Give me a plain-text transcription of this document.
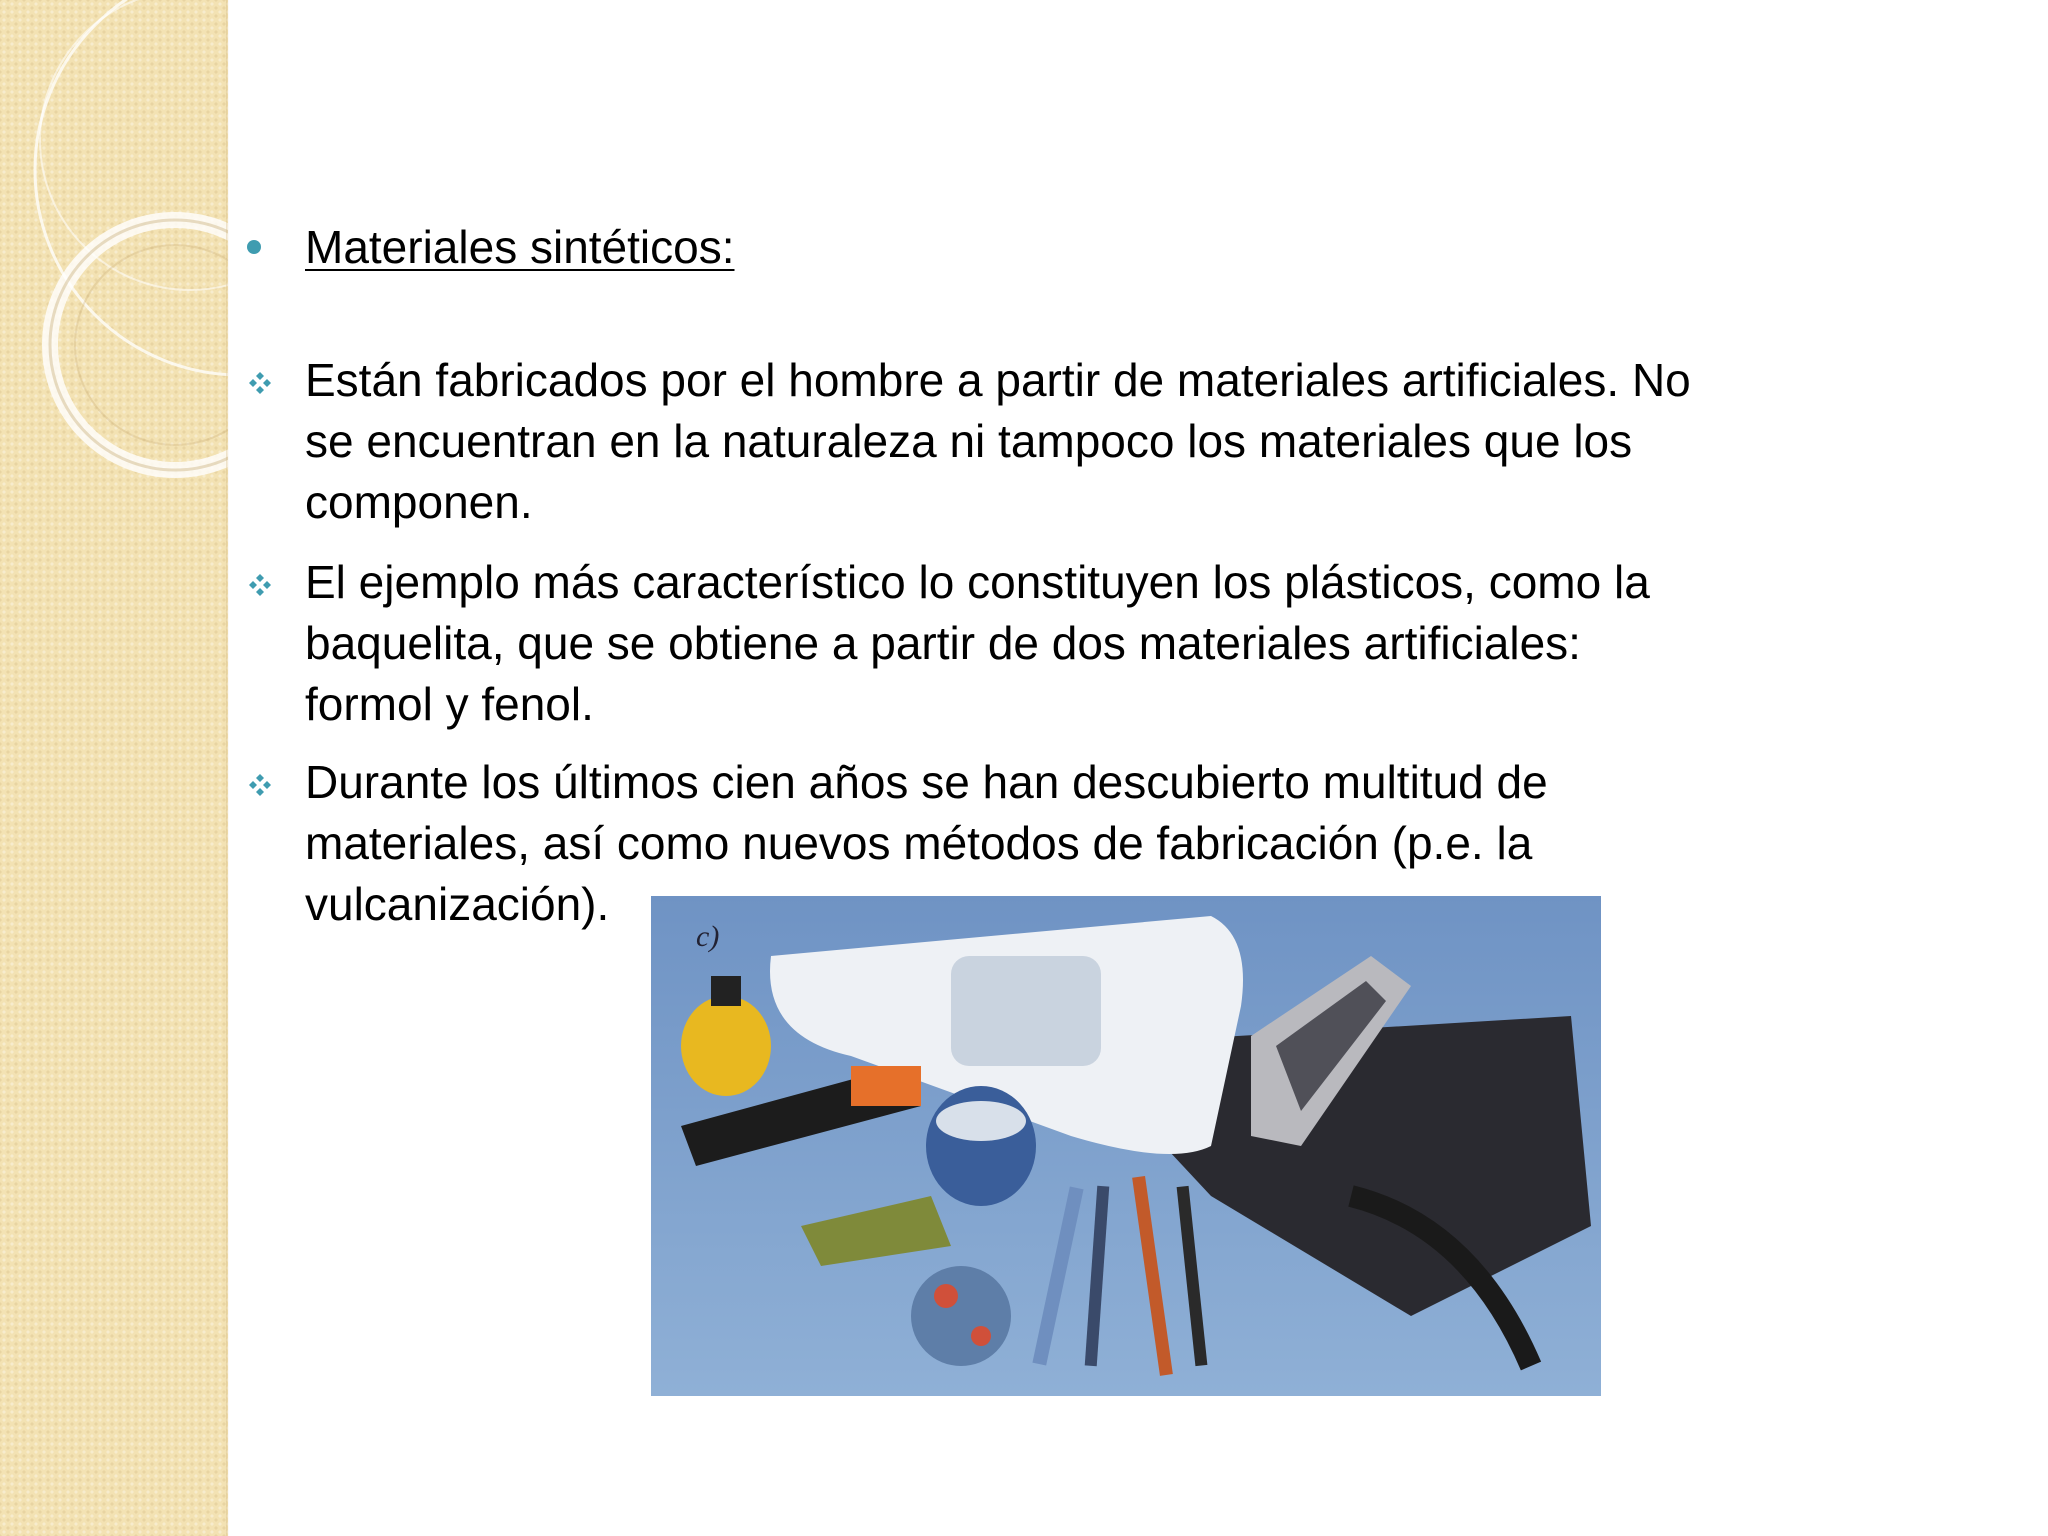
Materiales sintéticos:
Están fabricados por el hombre a partir de materiales artificiales. No
se encuentran en la naturaleza ni tampoco los materiales que los
componen.
El ejemplo más característico lo constituyen los plásticos, como la
baquelita, que se obtiene a partir de dos materiales artificiales:
formol y fenol.
Durante los últimos cien años se han descubierto multitud de
materiales, así como nuevos métodos de fabricación (p.e. la
vulcanización).
c)
